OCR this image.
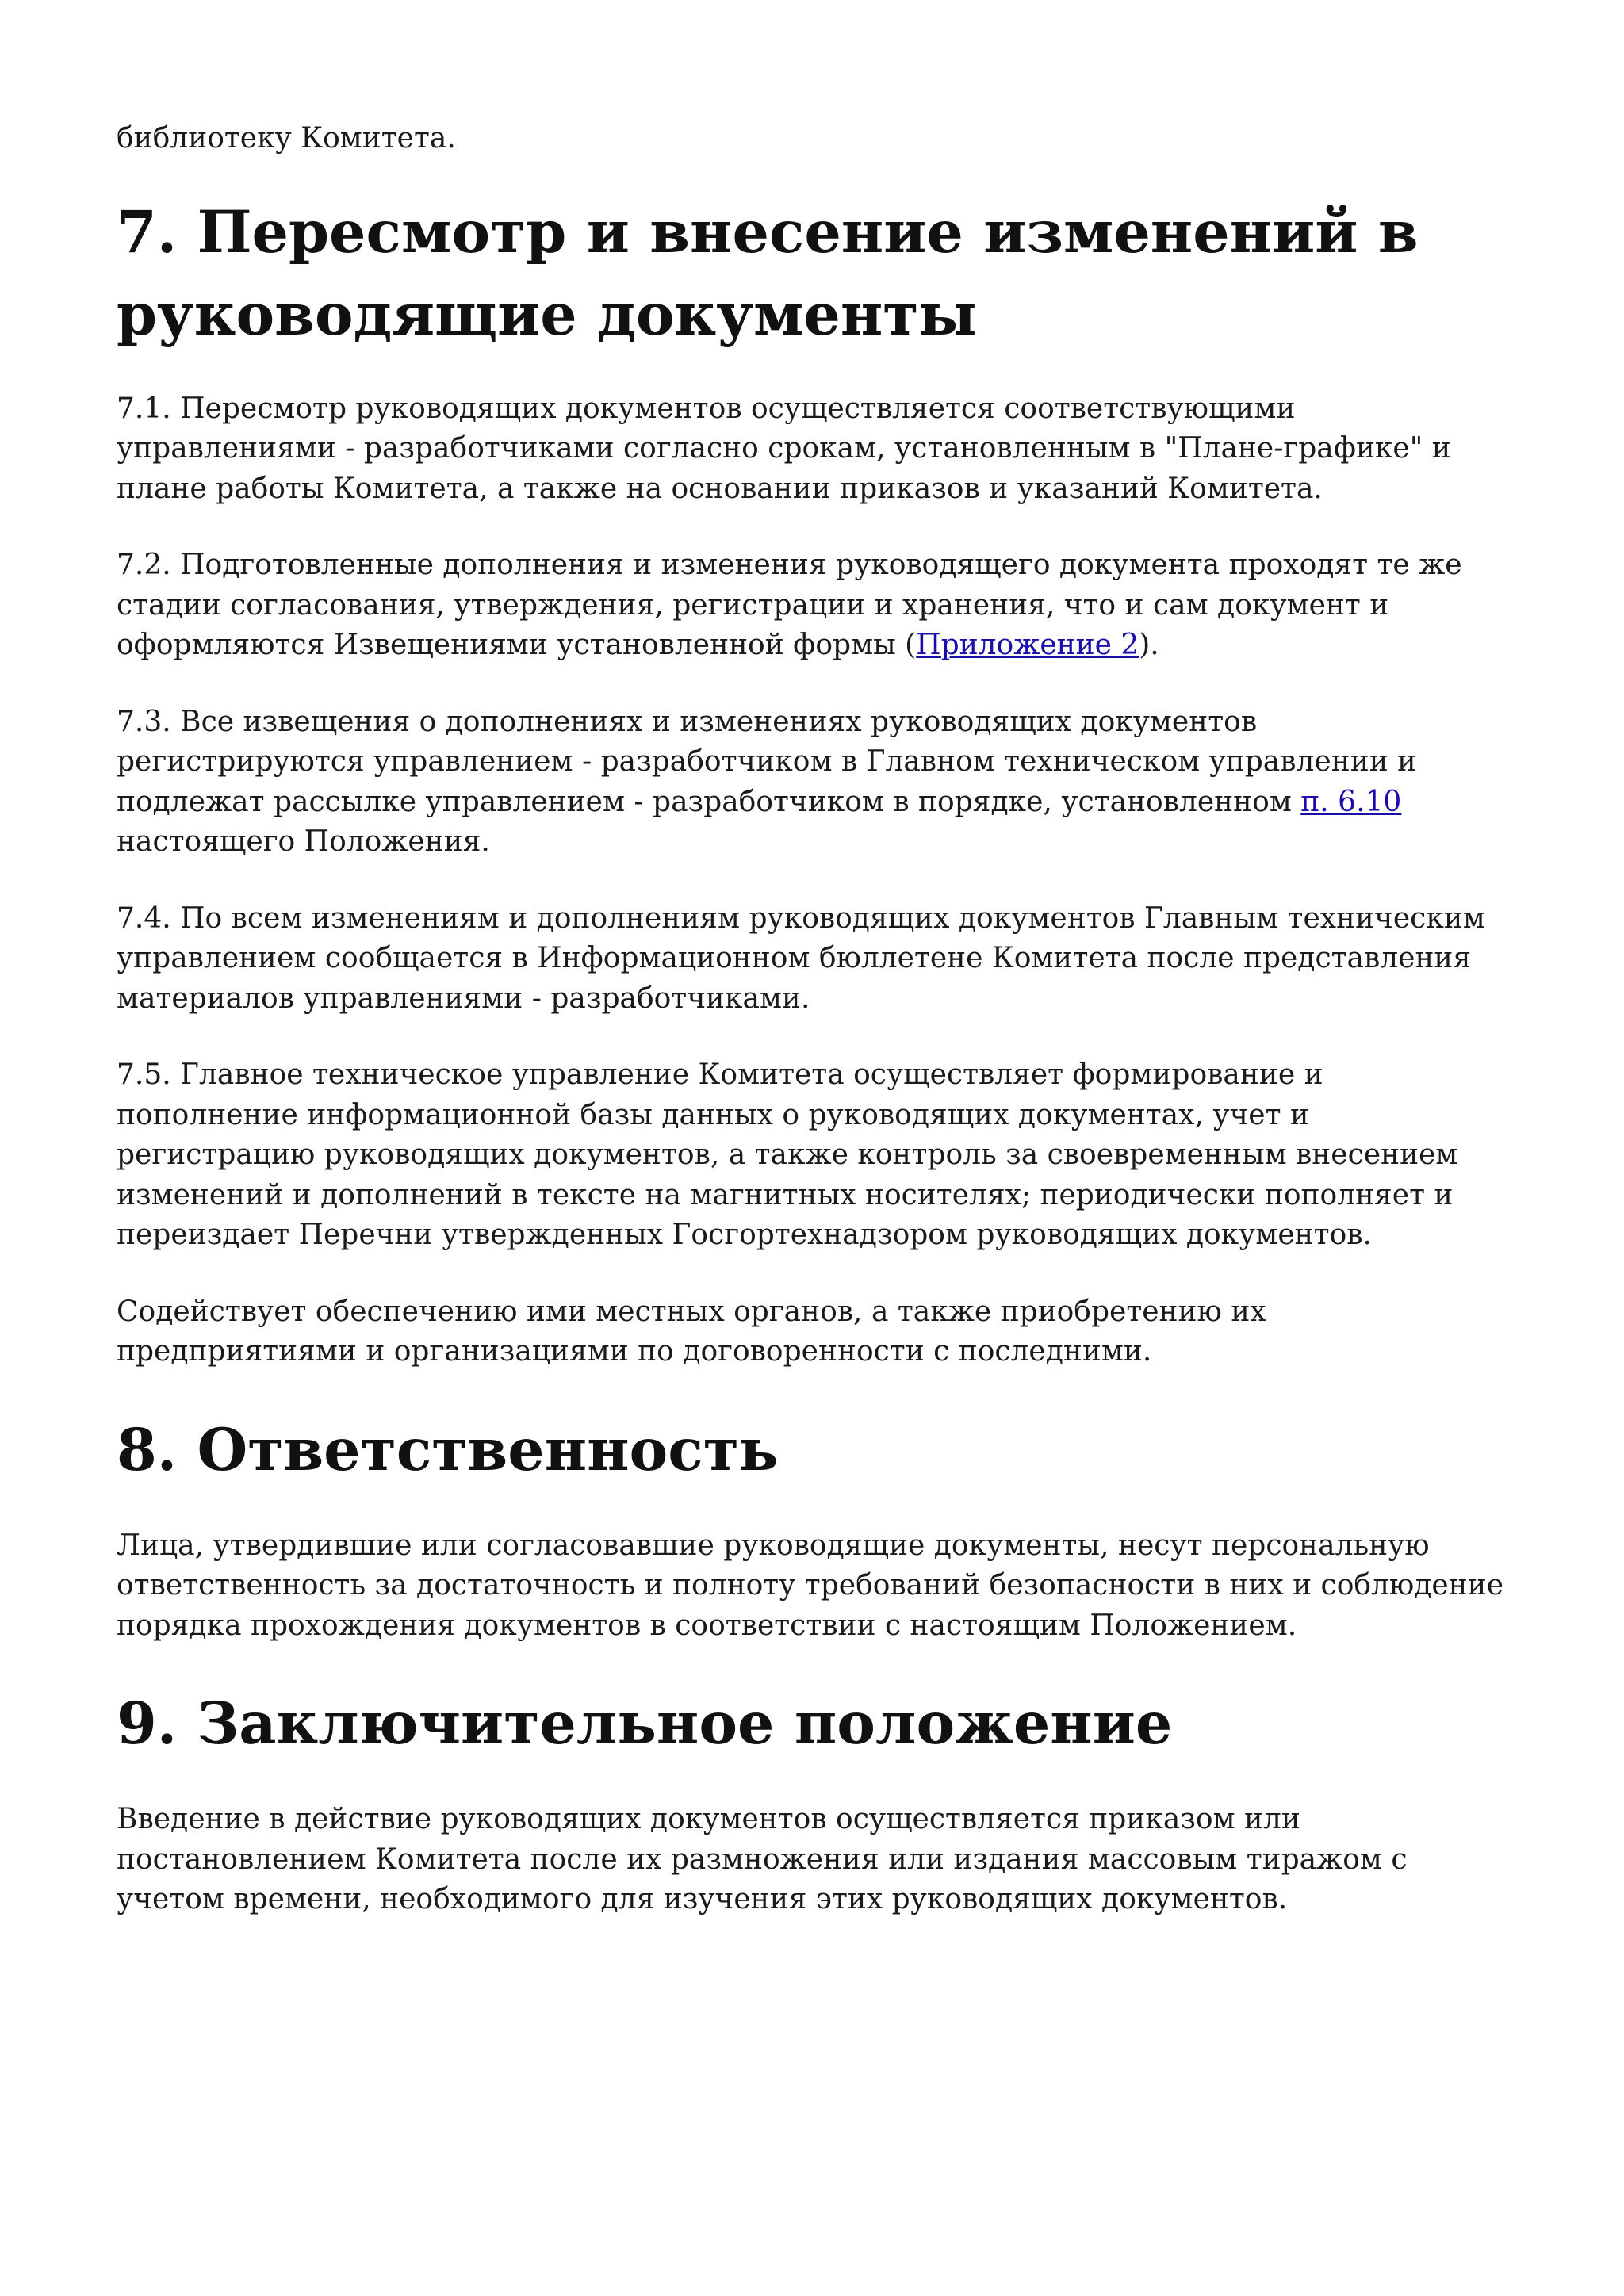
библиотеку Комитета.

7. Пересмотр и внесение изменений в руководящие документы

7.1. Пересмотр руководящих документов осуществляется соответствующими управлениями - разработчиками согласно срокам, установленным в "Плане-графике" и плане работы Комитета, а также на основании приказов и указаний Комитета.

7.2. Подготовленные дополнения и изменения руководящего документа проходят те же стадии согласования, утверждения, регистрации и хранения, что и сам документ и оформляются Извещениями установленной формы (Приложение 2).

7.3. Все извещения о дополнениях и изменениях руководящих документов регистрируются управлением - разработчиком в Главном техническом управлении и подлежат рассылке управлением - разработчиком в порядке, установленном п. 6.10 настоящего Положения.

7.4. По всем изменениям и дополнениям руководящих документов Главным техническим управлением сообщается в Информационном бюллетене Комитета после представления материалов управлениями - разработчиками.

7.5. Главное техническое управление Комитета осуществляет формирование и пополнение информационной базы данных о руководящих документах, учет и регистрацию руководящих документов, а также контроль за своевременным внесением изменений и дополнений в тексте на магнитных носителях; периодически пополняет и переиздает Перечни утвержденных Госгортехнадзором руководящих документов.

Содействует обеспечению ими местных органов, а также приобретению их предприятиями и организациями по договоренности с последними.

8. Ответственность

Лица, утвердившие или согласовавшие руководящие документы, несут персональную ответственность за достаточность и полноту требований безопасности в них и соблюдение порядка прохождения документов в соответствии с настоящим Положением.

9. Заключительное положение

Введение в действие руководящих документов осуществляется приказом или постановлением Комитета после их размножения или издания массовым тиражом с учетом времени, необходимого для изучения этих руководящих документов.
